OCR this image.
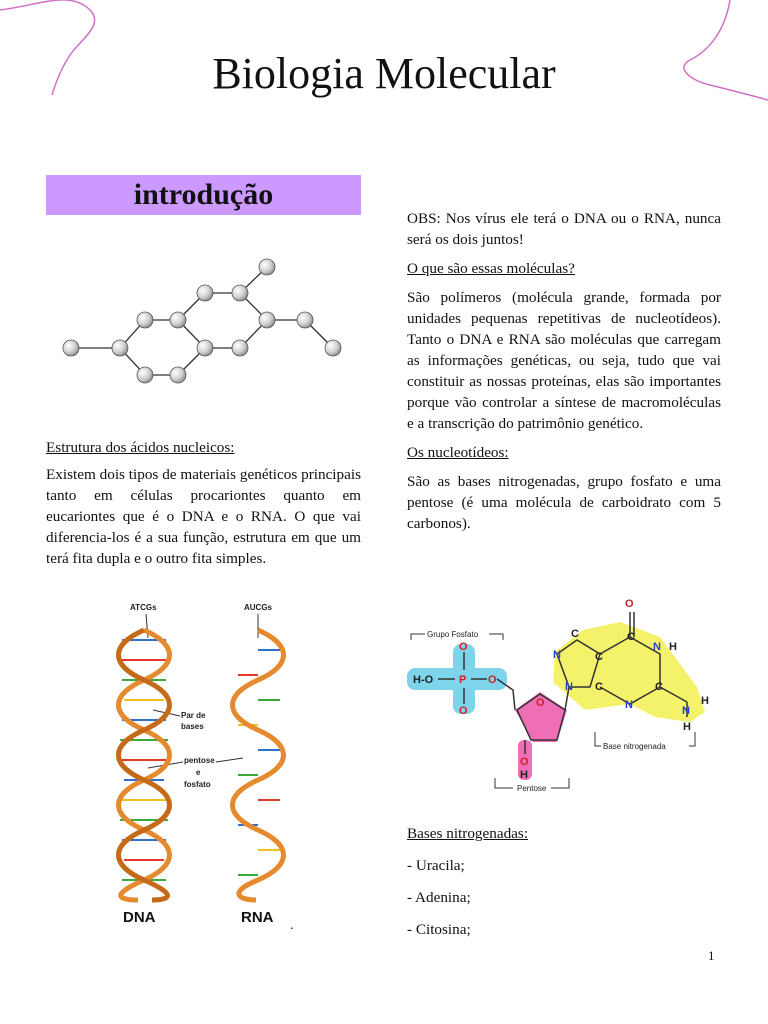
Biologia Molecular
introdução

Estrutura dos ácidos nucleicos:

Existem dois tipos de materiais genéticos principais tanto em células procariontes quanto em eucariontes que é o DNA e o RNA. O que vai diferencia-los é a sua função, estrutura em que um terá fita dupla e o outro fita simples.

ATCGs	AUCGs
Par de
bases
pentose
e
fosfato
DNA	RNA .

OBS: Nos vírus ele terá o DNA ou o RNA, nunca será os dois juntos!

O que são essas moléculas?

São polímeros (molécula grande, formada por unidades pequenas repetitivas de nucleotídeos). Tanto o DNA e RNA são moléculas que carregam as informações genéticas, ou seja, tudo que vai constituir as nossas proteínas, elas são importantes porque vão controlar a síntese de macromoléculas e a transcrição do patrimônio genético.

Os nucleotídeos:

São as bases nitrogenadas, grupo fosfato e uma pentose (é uma molécula de carboidrato com 5 carbonos).

H-O P
O
O
O
O
O
H
O
C
N H
C
N
C
C
N
C
N
N
H
H
Grupo Fosfato
Base nitrogenada
Pentose

Bases nitrogenadas:

- Uracila;

- Adenina;

- Citosina;

1
